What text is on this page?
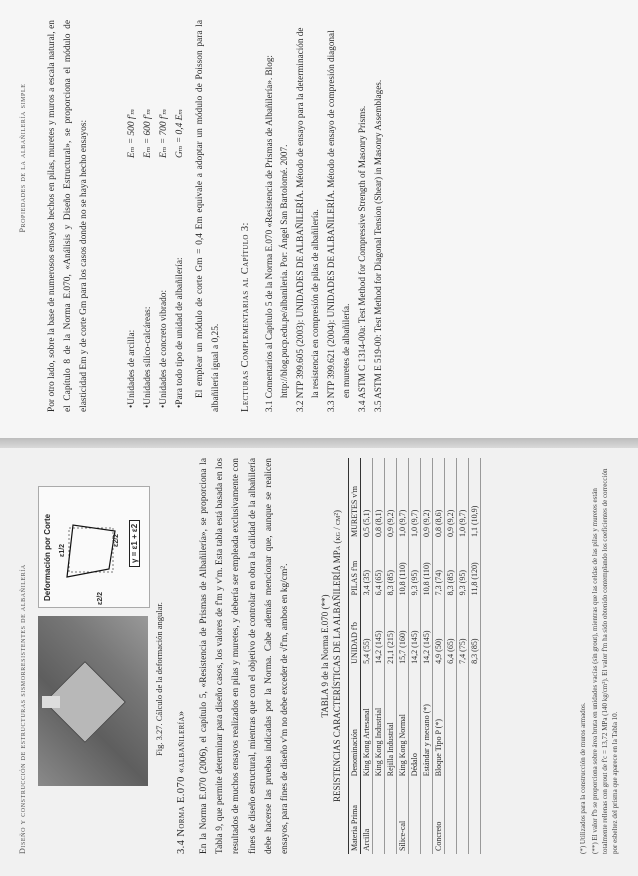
Diseño y construcción de estructuras sismorresistentes de albañilería
Deformación por Corte ε1/2
ε2/2
ε2/2 γ = ε1 + ε2
Fig. 3.27. Cálculo de la deformación angular.
3.4 Norma E.070 «albañilería»	En la Norma E.070 (2006), el capítulo 5, «Resistencia de Prismas de Albañilería», se proporciona la Tabla 9, que permite determinar para diseño casos, los valores de f'm y v'm. Esta tabla está basada en los resultados de muchos ensayos realizados en pilas y muretes, y debería ser empleada exclusivamente con fines de diseño estructural, mientras que con el objetivo de controlar en obra la calidad de la albañilería debe hacerse las pruebas indicadas por la Norma. Cabe además mencionar que, aunque se realicen ensayos, para fines de diseño v'm no debe exceder de √f'm, ambos en kg/cm².	TABLA 9 de la Norma E.070 (**) RESISTENCIAS CARACTERÍSTICAS DE LA ALBAÑILERÍA MPa (kg / cm²)
Materia Prima	Denominación	UNIDAD f'b	PILAS f'm	MURETES v'm
Arcilla	King Kong Artesanal	5,4 (55)	3,4 (35)	0,5 (5,1)
	King Kong Industrial	14,2 (145)	6,4 (65)	0,8 (8,1)
	Rejilla Industrial	21,1 (215)	8,3 (85)	0,9 (9,2)
Sílice-cal	King Kong Normal	15,7 (160)	10,8 (110)	1,0 (9,7)
	Dédalo	14,2 (145)	9,3 (95)	1,0 (9,7)
	Estándar y mecano (*)	14,2 (145)	10,8 (110)	0,9 (9,2)
Concreto	Bloque Tipo P (*)	4,9 (50)	7,3 (74)	0,8 (8,6)
		6,4 (65)	8,3 (85)	0,9 (9,2)
		7,4 (75)	9,3 (95)	1,0 (9,7)
		8,3 (85)	11,8 (120)	1,1 (10,9)
(*) Utilizados para la construcción de muros armados. (**) El valor f'b se proporciona sobre área bruta en unidades vacías (sin grout), mientras que las celdas de las pilas y muretes están totalmente rellenas con grout de f'c = 13,72 MPa (140 kg/cm²). El valor f'm ha sido obtenido contemplando los coeficientes de corrección por esbeltez del prisma que aparece en la Tabla 10.
Propiedades de la albañilería simple	Por otro lado, sobre la base de numerosos ensayos hechos en pilas, muretes y muros a escala natural, en el Capítulo 8 de la Norma E.070, «Análisis y Diseño Estructural», se proporciona el módulo de elasticidad Em y de corte Gm para los casos donde no se haya hecho ensayos:	•
Unidades de arcilla:
Eₘ = 500 f'ₘ
•
Unidades sílico-calcáreas:
Eₘ = 600 f'ₘ
•
Unidades de concreto vibrado:
Eₘ = 700 f'ₘ
•
Para todo tipo de unidad de albañilería:
Gₘ = 0,4 Eₘ	El emplear un módulo de corte Gm = 0,4 Em equivale a adoptar un módulo de Poisson para la albañilería igual a 0,25.	Lecturas Complementarias al Capítulo 3: 3.1 Comentarios al Capítulo 5 de la Norma E.070 «Resistencia de Prismas de Albañilería». Blog: http://blog.pucp.edu.pe/albanileria. Por: Ángel San Bartolomé. 2007. 3.2 NTP 399.605 (2003): UNIDADES DE ALBAÑILERÍA. Método de ensayo para la determinación de la resistencia en compresión de pilas de albañilería. 3.3 NTP 399.621 (2004): UNIDADES DE ALBAÑILERÍA. Método de ensayo de compresión diagonal en muretes de albañilería. 3.4 ASTM C 1314-00a: Test Method for Compressive Strength of Masonry Prisms. 3.5 ASTM E 519-00: Test Method for Diagonal Tension (Shear) in Masonry Assemblages.
